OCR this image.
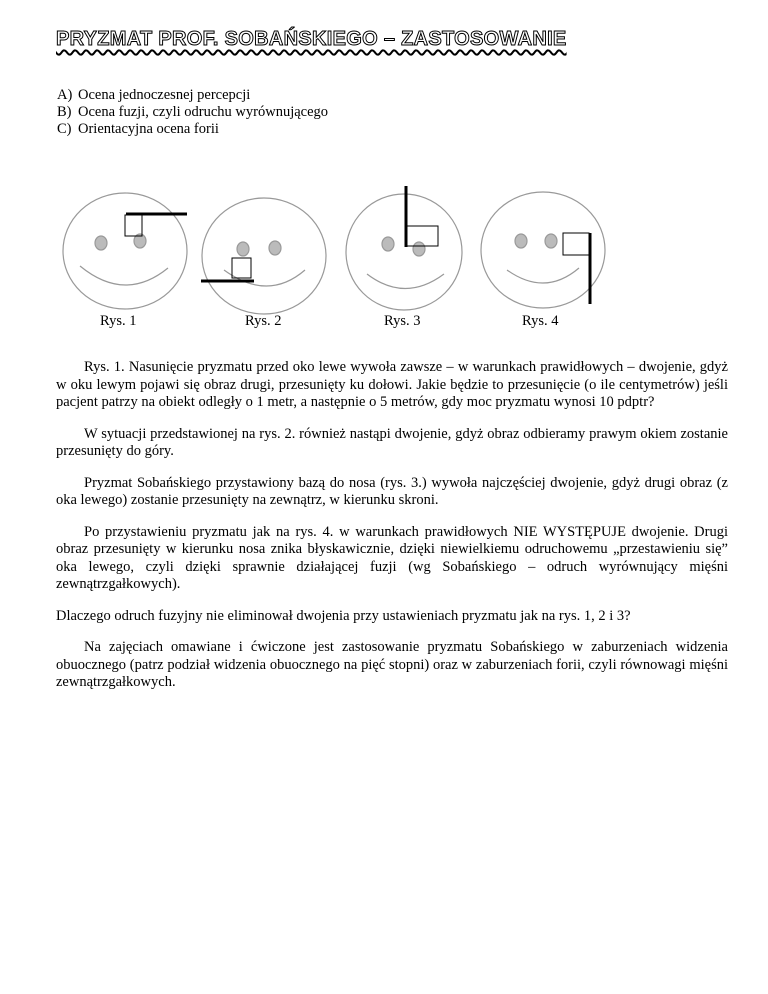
PRYZMAT PROF. SOBAŃSKIEGO – ZASTOSOWANIE
A) Ocena jednoczesnej percepcji
B) Ocena fuzji, czyli odruchu wyrównującego
C) Orientacyjna ocena forii
Rys. 1	Rys. 2	Rys. 3	Rys. 4

Rys. 1. Nasunięcie pryzmatu przed oko lewe wywoła zawsze – w warunkach prawidłowych – dwojenie, gdyż w oku lewym pojawi się obraz drugi, przesunięty ku dołowi. Jakie będzie to przesunięcie (o ile centymetrów) jeśli pacjent patrzy na obiekt odległy o 1 metr, a następnie o 5 metrów, gdy moc pryzmatu wynosi 10 pdptr?

W sytuacji przedstawionej na rys. 2. również nastąpi dwojenie, gdyż obraz odbieramy prawym okiem zostanie przesunięty do góry.

Pryzmat Sobańskiego przystawiony bazą do nosa (rys. 3.) wywoła najczęściej dwojenie, gdyż drugi obraz (z oka lewego) zostanie przesunięty na zewnątrz, w kierunku skroni.

Po przystawieniu pryzmatu jak na rys. 4. w warunkach prawidłowych NIE WYSTĘPUJE dwojenie. Drugi obraz przesunięty w kierunku nosa znika błyskawicznie, dzięki niewielkiemu odruchowemu „przestawieniu się” oka lewego, czyli dzięki sprawnie działającej fuzji (wg Sobańskiego – odruch wyrównujący mięśni zewnątrzgałkowych).

Dlaczego odruch fuzyjny nie eliminował dwojenia przy ustawieniach pryzmatu jak na rys. 1, 2 i 3?

Na zajęciach omawiane i ćwiczone jest zastosowanie pryzmatu Sobańskiego w zaburzeniach widzenia obuocznego (patrz podział widzenia obuocznego na pięć stopni) oraz w zaburzeniach forii, czyli równowagi mięśni zewnątrzgałkowych.
